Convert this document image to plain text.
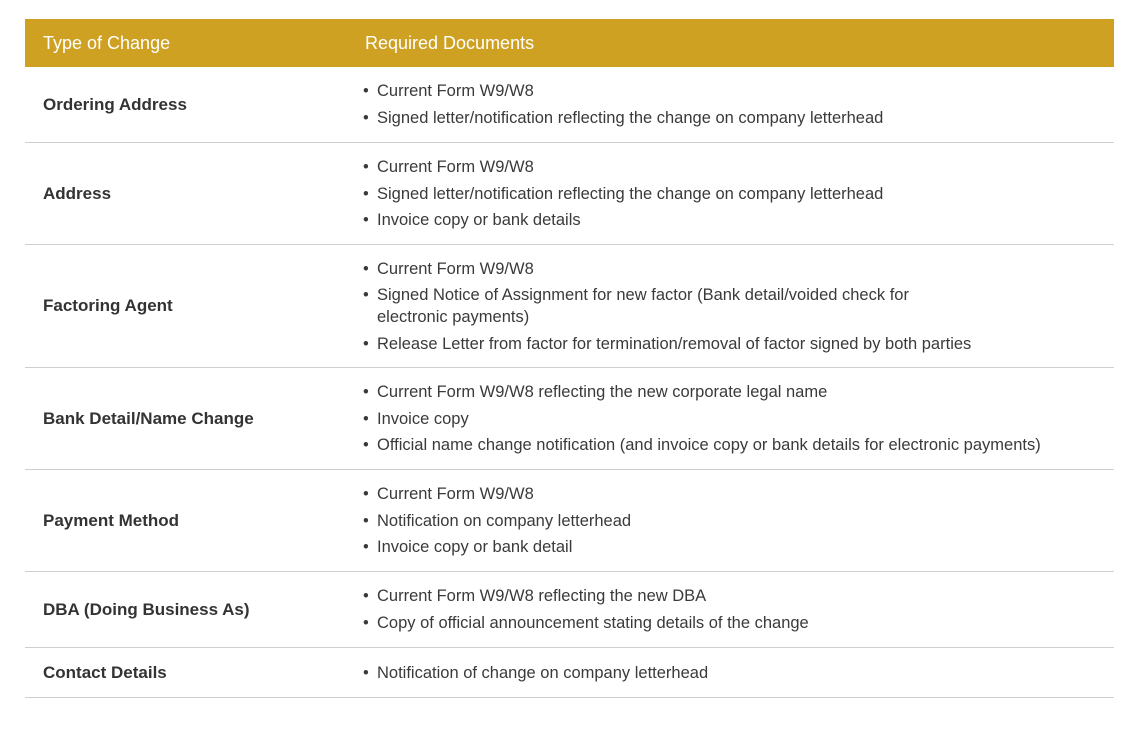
Type of Change	Required Documents
Ordering Address
• Current Form W9/W8
• Signed letter/notification reflecting the change on company letterhead
Address
• Current Form W9/W8
• Signed letter/notification reflecting the change on company letterhead
• Invoice copy or bank details
Factoring Agent
• Current Form W9/W8
• Signed Notice of Assignment for new factor (Bank detail/voided check for electronic payments)
• Release Letter from factor for termination/removal of factor signed by both parties
Bank Detail/Name Change
• Current Form W9/W8 reflecting the new corporate legal name
• Invoice copy
• Official name change notification (and invoice copy or bank details for electronic payments)
Payment Method
• Current Form W9/W8
• Notification on company letterhead
• Invoice copy or bank detail
DBA (Doing Business As)
• Current Form W9/W8 reflecting the new DBA
• Copy of official announcement stating details of the change
Contact Details
•	Notification of change on company letterhead
